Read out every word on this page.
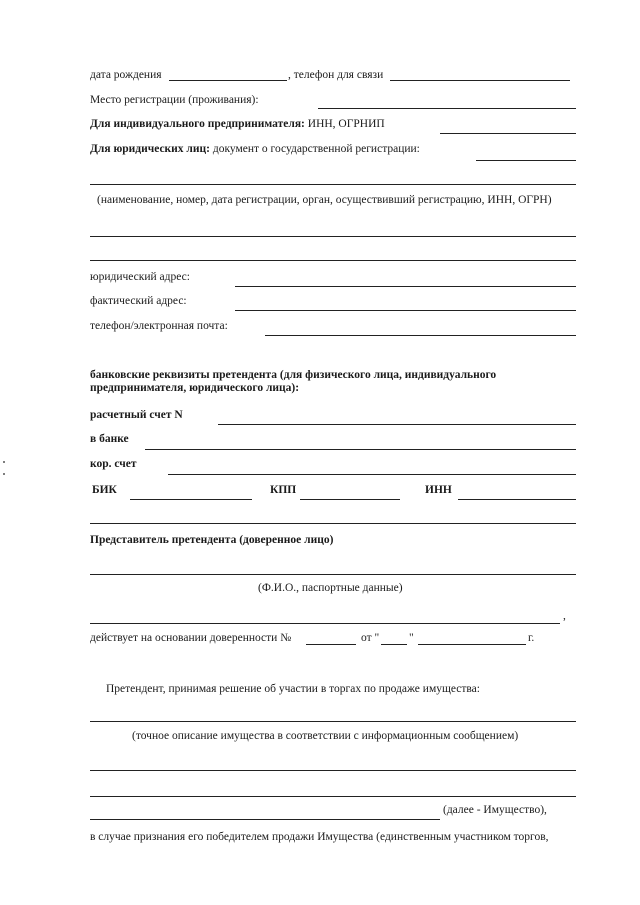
дата рождения	, телефон для связи
Место регистрации (проживания):
Для индивидуального предпринимателя: ИНН, ОГРНИП
Для юридических лиц: документ о государственной регистрации:
(наименование, номер, дата регистрации, орган, осуществивший регистрацию, ИНН, ОГРН)
юридический адрес:
фактический адрес:
телефон/электронная почта:
банковские реквизиты претендента (для физического лица, индивидуального
предпринимателя, юридического лица):
расчетный счет N
в банке
кор. счет
БИК	КПП	ИНН
Представитель претендента (доверенное лицо)
(Ф.И.О., паспортные данные)
,
действует на основании доверенности №	от "	"	г.
Претендент, принимая решение об участии в торгах по продаже имущества:
(точное описание имущества в соответствии с информационным сообщением)
(далее - Имущество),
в случае признания его победителем продажи Имущества (единственным участником торгов,
